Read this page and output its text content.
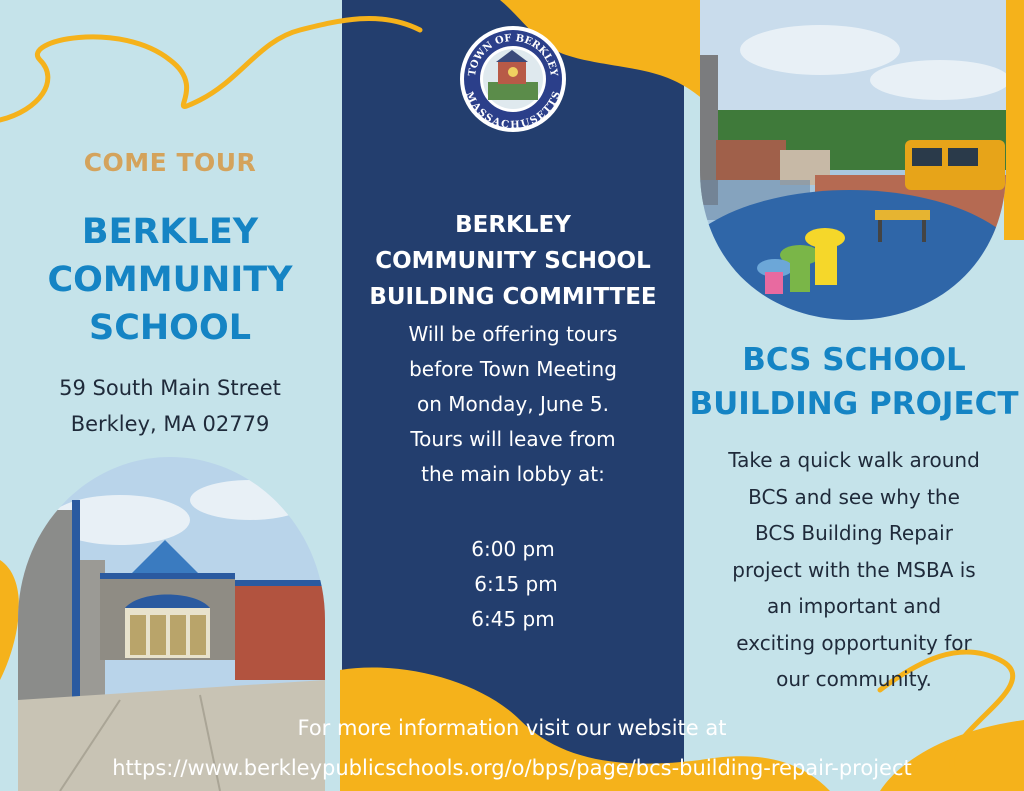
TOWN OF BERKLEY
MASSACHUSETTS
COME TOUR
BERKLEY
COMMUNITY
SCHOOL
59 South Main Street
Berkley, MA 02779
BERKLEY
COMMUNITY SCHOOL
BUILDING COMMITTEE
Will be offering tours
before Town Meeting
on Monday, June 5.
Tours will leave from
the main lobby at:
6:00 pm
6:15 pm
6:45 pm
BCS SCHOOL
BUILDING PROJECT
Take a quick walk around
BCS and see why the
BCS Building Repair
project with the MSBA is
an important and
exciting opportunity for
our community.
For more information visit our website at
https://www.berkleypublicschools.org/o/bps/page/bcs-building-repair-project
